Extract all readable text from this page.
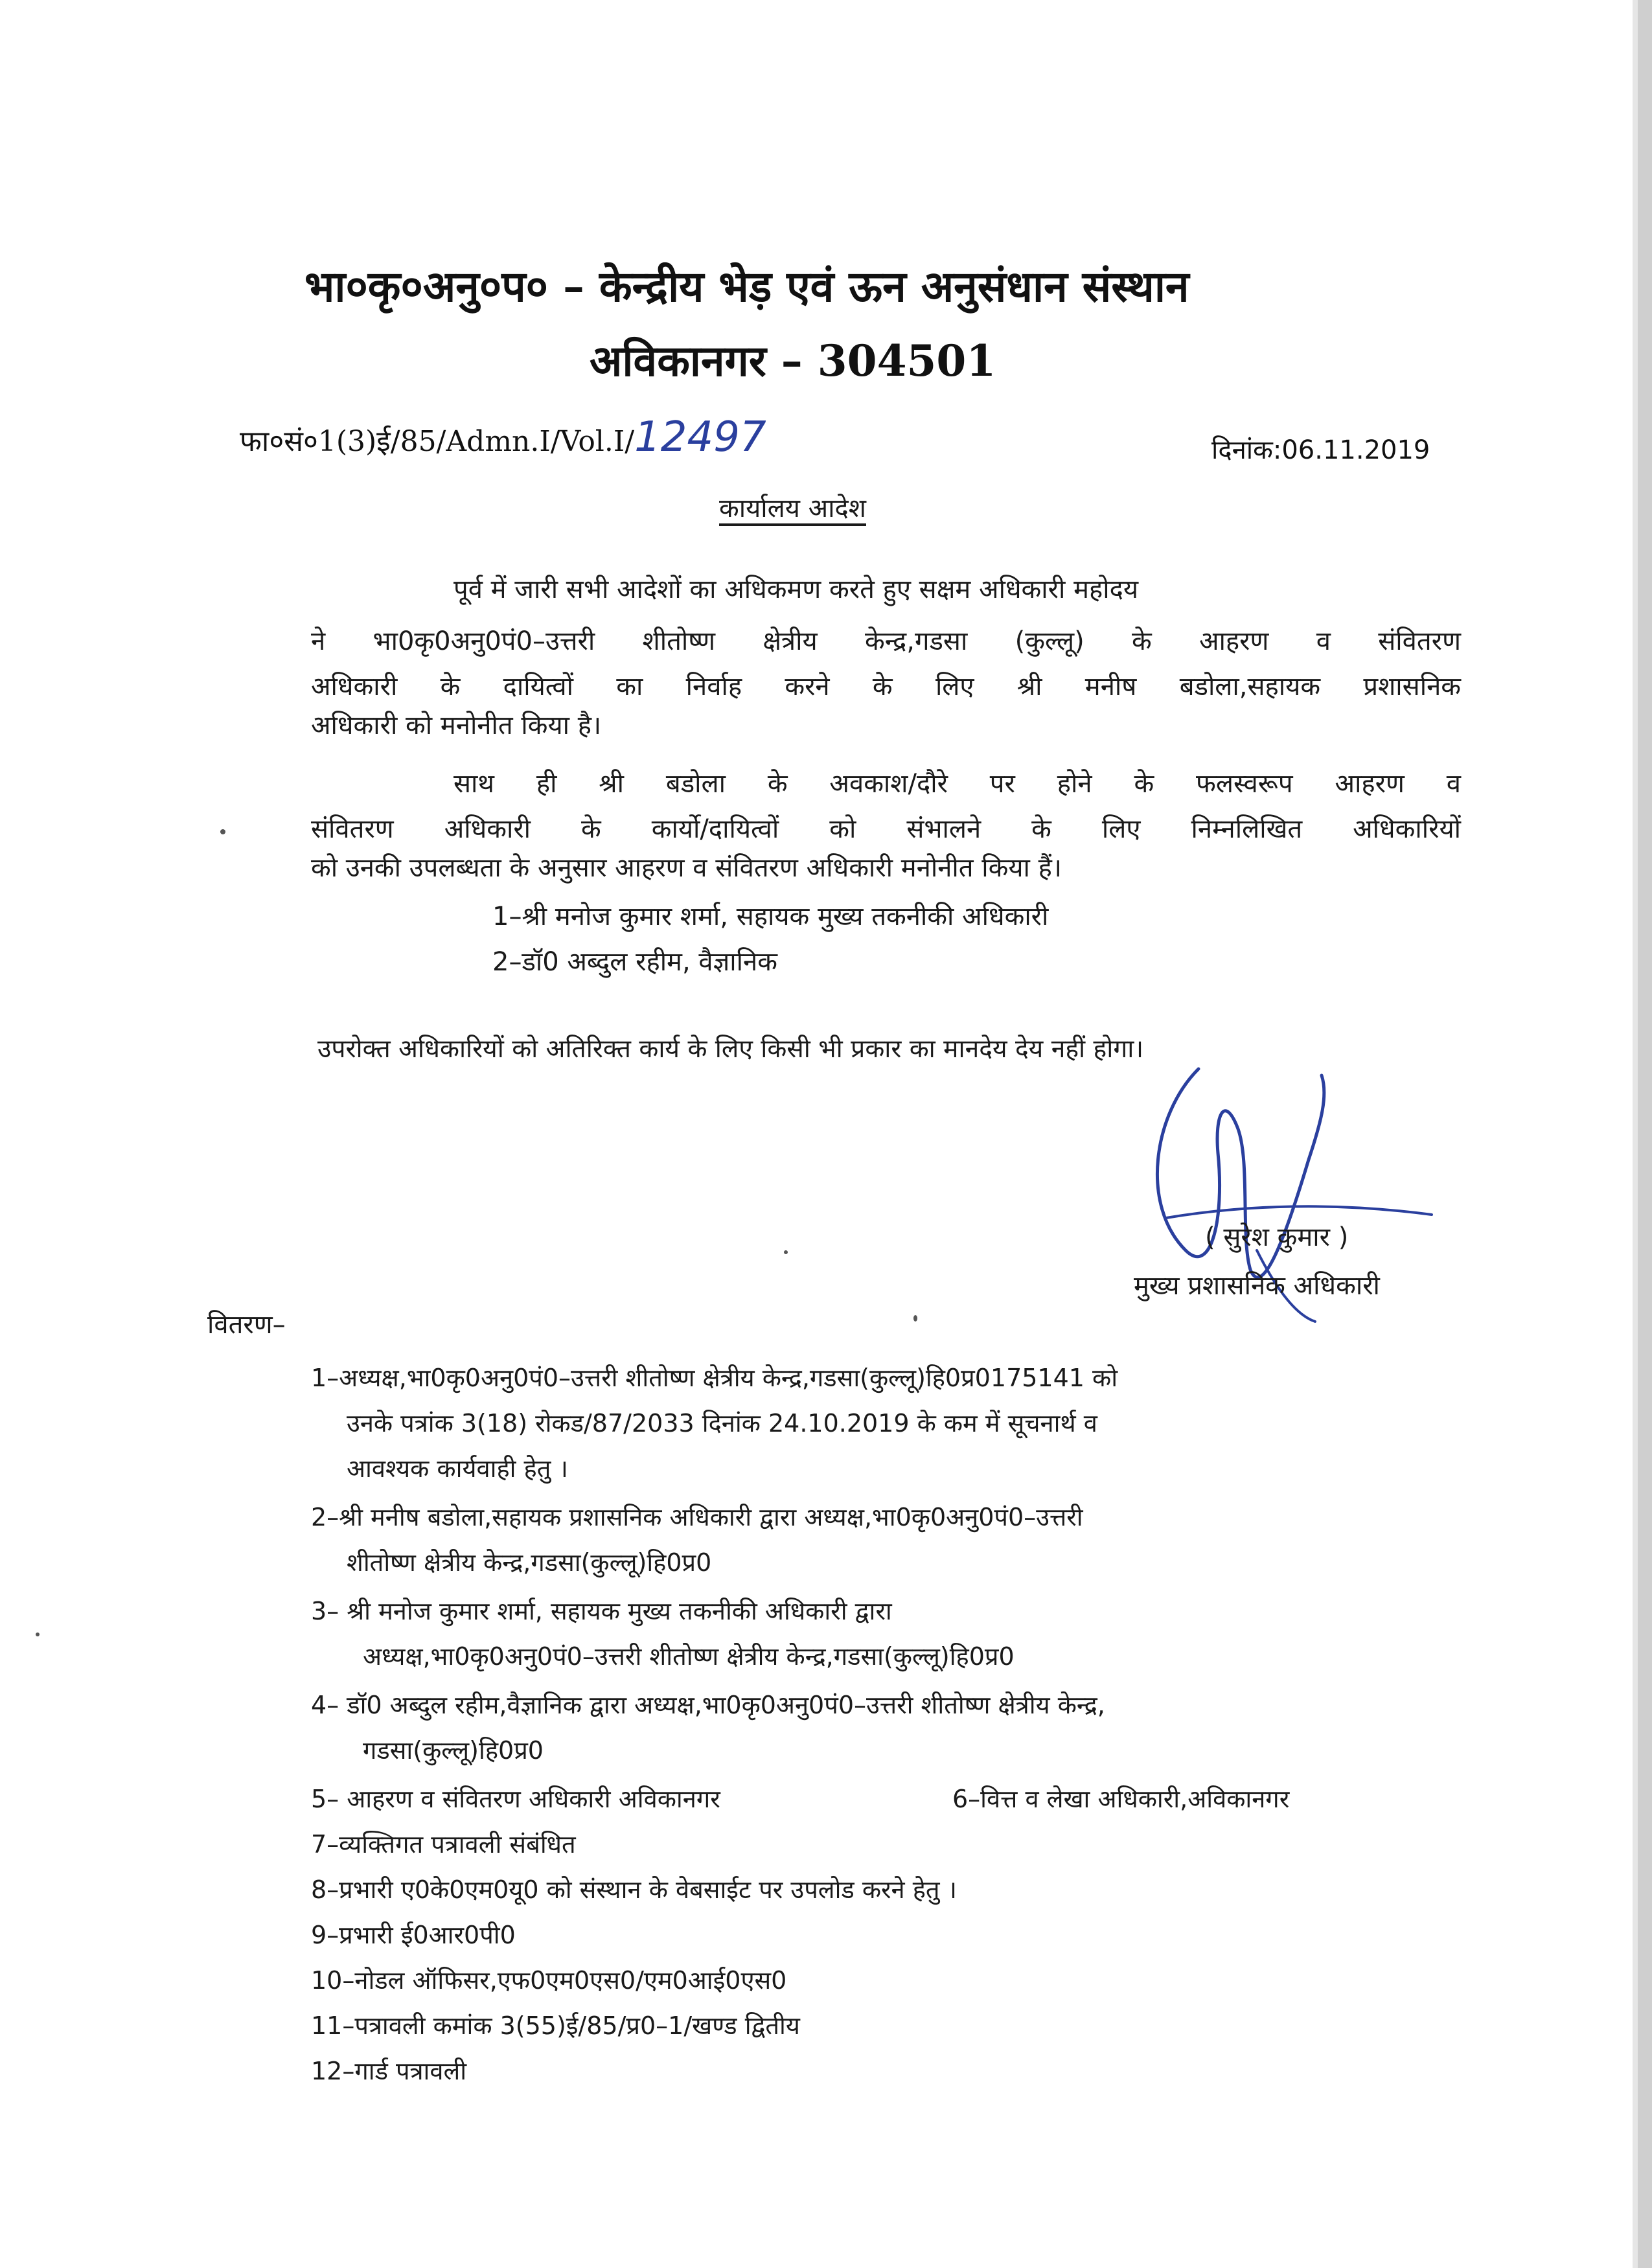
भा०कृ०अनु०प० – केन्द्रीय भेड़ एवं ऊन अनुसंधान संस्थान
अविकानगर – 304501
फा०सं०1(3)ई/85/Admn.I/Vol.I/12497	दिनांक:06.11.2019
कार्यालय आदेश
पूर्व में जारी सभी आदेशों का अधिकमण करते हुए सक्षम अधिकारी महोदय
ने भा0कृ0अनु0पं0–उत्तरी शीतोष्ण क्षेत्रीय केन्द्र,गडसा (कुल्लू) के आहरण व संवितरण
अधिकारी के दायित्वों का निर्वाह करने के लिए श्री मनीष बडोला,सहायक प्रशासनिक
अधिकारी को मनोनीत किया है।
साथ ही श्री बडोला के अवकाश/दौरे पर होने के फलस्वरूप आहरण व
संवितरण अधिकारी के कार्यो/दायित्वों को संभालने के लिए निम्नलिखित अधिकारियों
को उनकी उपलब्धता के अनुसार आहरण व संवितरण अधिकारी मनोनीत किया हैं।
1–श्री मनोज कुमार शर्मा, सहायक मुख्य तकनीकी अधिकारी
2–डॉ0 अब्दुल रहीम, वैज्ञानिक
उपरोक्त अधिकारियों को अतिरिक्त कार्य के लिए किसी भी प्रकार का मानदेय देय नहीं होगा।
( सुरेश कुमार )
मुख्य प्रशासनिक अधिकारी
वितरण–
1–अध्यक्ष,भा0कृ0अनु0पं0–उत्तरी शीतोष्ण क्षेत्रीय केन्द्र,गडसा(कुल्लू)हि0प्र0175141 को
उनके पत्रांक 3(18) रोकड/87/2033 दिनांक 24.10.2019 के कम में सूचनार्थ व
आवश्यक कार्यवाही हेतु ।
2–श्री मनीष बडोला,सहायक प्रशासनिक अधिकारी द्वारा अध्यक्ष,भा0कृ0अनु0पं0–उत्तरी
शीतोष्ण क्षेत्रीय केन्द्र,गडसा(कुल्लू)हि0प्र0
3– श्री मनोज कुमार शर्मा, सहायक मुख्य तकनीकी अधिकारी द्वारा
अध्यक्ष,भा0कृ0अनु0पं0–उत्तरी शीतोष्ण क्षेत्रीय केन्द्र,गडसा(कुल्लू)हि0प्र0
4– डॉ0 अब्दुल रहीम,वैज्ञानिक द्वारा अध्यक्ष,भा0कृ0अनु0पं0–उत्तरी शीतोष्ण क्षेत्रीय केन्द्र,
गडसा(कुल्लू)हि0प्र0
5– आहरण व संवितरण अधिकारी अविकानगर	6–वित्त व लेखा अधिकारी,अविकानगर
7–व्यक्तिगत पत्रावली संबंधित
8–प्रभारी ए0के0एम0यू0 को संस्थान के वेबसाईट पर उपलोड करने हेतु ।
9–प्रभारी ई0आर0पी0
10–नोडल ऑफिसर,एफ0एम0एस0/एम0आई0एस0
11–पत्रावली कमांक 3(55)ई/85/प्र0–1/खण्ड द्वितीय
12–गार्ड पत्रावली
